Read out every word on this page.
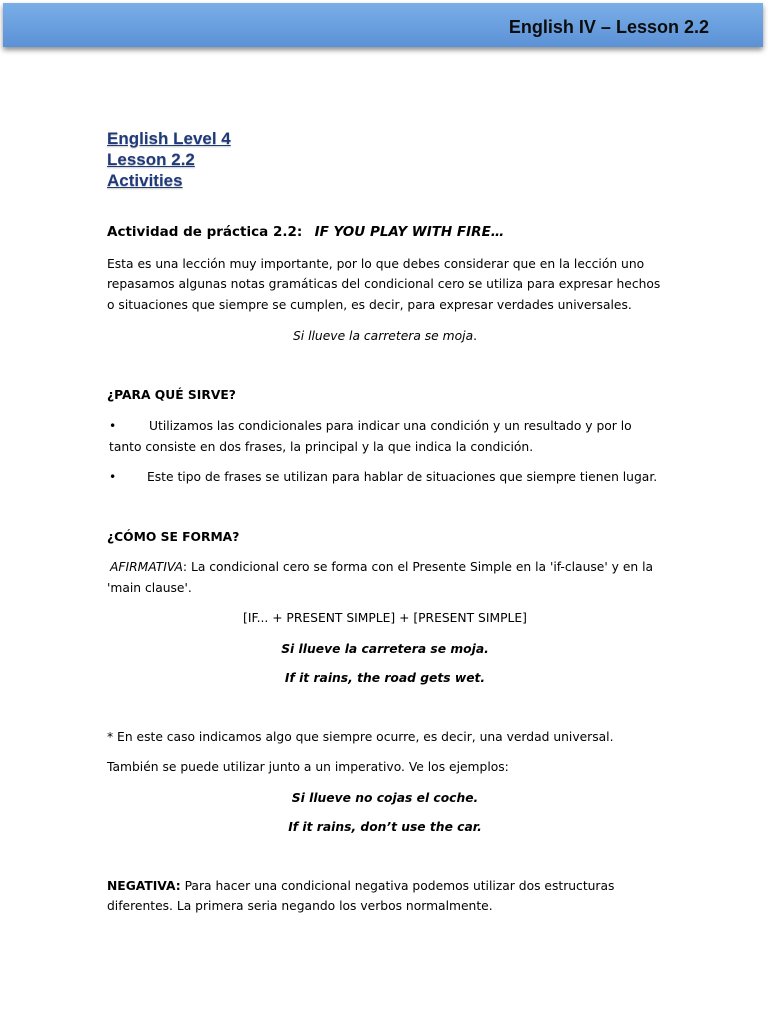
English IV – Lesson 2.2
English Level 4
Lesson 2.2
Activities

Actividad de práctica 2.2: IF YOU PLAY WITH FIRE…

Esta es una lección muy importante, por lo que debes considerar que en la lección uno repasamos algunas notas gramáticas del condicional cero se utiliza para expresar hechos o situaciones que siempre se cumplen, es decir, para expresar verdades universales.

Si llueve la carretera se moja.

¿PARA QUÉ SIRVE?

•	Utilizamos las condicionales para indicar una condición y un resultado y por lo tanto consiste en dos frases, la principal y la que indica la condición.
•	Este tipo de frases se utilizan para hablar de situaciones que siempre tienen lugar.

¿CÓMO SE FORMA?

AFIRMATIVA: La condicional cero se forma con el Presente Simple en la 'if-clause' y en la 'main clause'.

[IF... + PRESENT SIMPLE] + [PRESENT SIMPLE]

Si llueve la carretera se moja.

If it rains, the road gets wet.

* En este caso indicamos algo que siempre ocurre, es decir, una verdad universal.

También se puede utilizar junto a un imperativo. Ve los ejemplos:

Si llueve no cojas el coche.

If it rains, don’t use the car.

NEGATIVA: Para hacer una condicional negativa podemos utilizar dos estructuras diferentes. La primera seria negando los verbos normalmente.
